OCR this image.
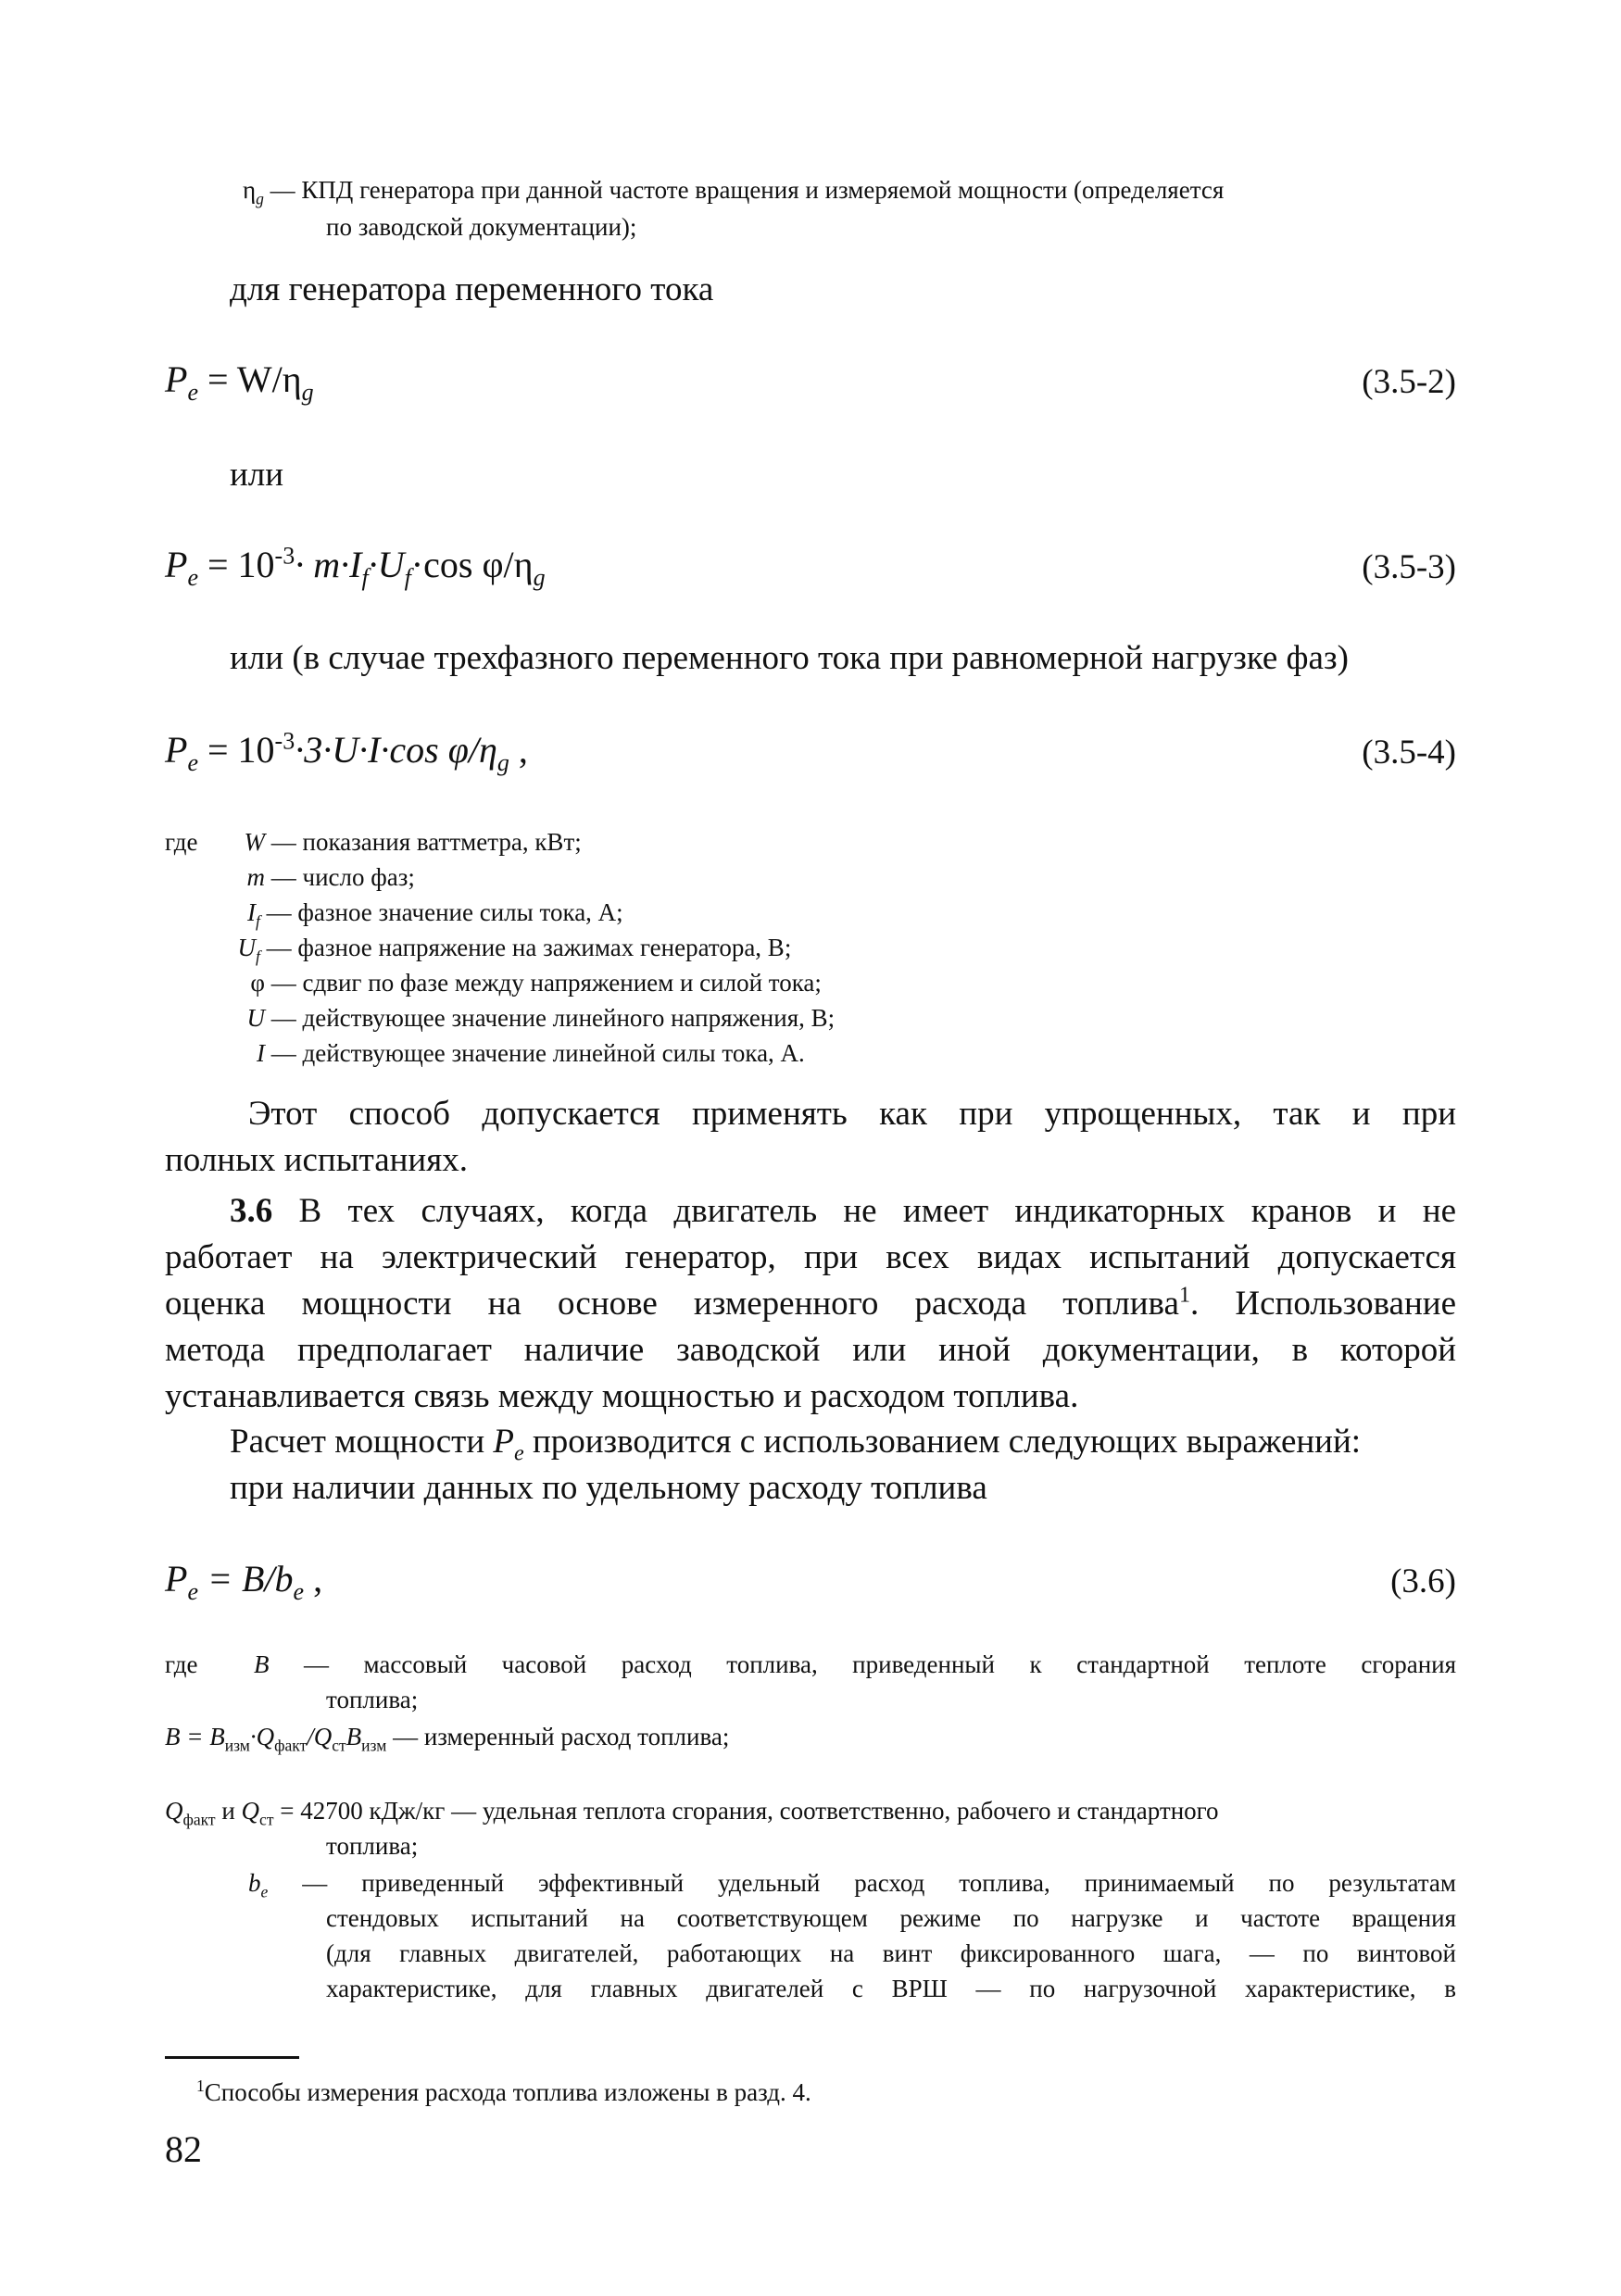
$\eta_g$ — КПД генератора при данной частоте вращения и измеряемой мощности (определяется
по заводской документации);
для генератора переменного тока
$P_e = W/\eta_g$	(3.5-2)
или
$P_e = 10^{-3}\cdot m\cdot I_f\cdot U_f\cdot\cos$ $\varphi/\eta_g$	(3.5-3)
или (в случае трехфазного переменного тока при равномерной нагрузке фаз)
$P_e = 10^{-3}\cdot 3\cdot U\cdot I\cdot\cos$ $\varphi/\eta_g$ ,	(3.5-4)
где	W — показания ваттметра, кВт;
m — число фаз;
$I_f$ — фазное значение силы тока, А;
$U_f$ — фазное напряжение на зажимах генератора, В;
φ — сдвиг по фазе между напряжением и силой тока;
U — действующее значение линейного напряжения, В;
I — действующее значение линейной силы тока, А.
Этот способ допускается применять как при упрощенных, так и при
полных испытаниях.
3.6 В тех случаях, когда двигатель не имеет индикаторных кранов и не
работает на электрический генератор, при всех видах испытаний допускается
оценка мощности на основе измеренного расхода топлива$^1$. Использование
метода предполагает наличие заводской или иной документации, в которой
устанавливается связь между мощностью и расходом топлива.
Расчет мощности $P_e$ производится с использованием следующих выражений:
при наличии данных по удельному расходу топлива
$P_e = B/b_e$ ,	(3.6)
где B — массовый часовой расход топлива, приведенный к стандартной теплоте сгорания
топлива;
$B = B_{изм}\cdot Q_{факт}/Q_{ст}B_{изм}$ — измеренный расход топлива;
$Q_{факт}$ и $Q_{ст} = 42700$ кДж/кг — удельная теплота сгорания, соответственно, рабочего и стандартного
топлива;
$b_e$ — приведенный эффективный удельный расход топлива, принимаемый по результатам
стендовых испытаний на соответствующем режиме по нагрузке и частоте вращения
(для главных двигателей, работающих на винт фиксированного шага, — по винтовой
характеристике, для главных двигателей с ВРШ — по нагрузочной характеристике, в
$^1$Способы измерения расхода топлива изложены в разд. 4.
82
